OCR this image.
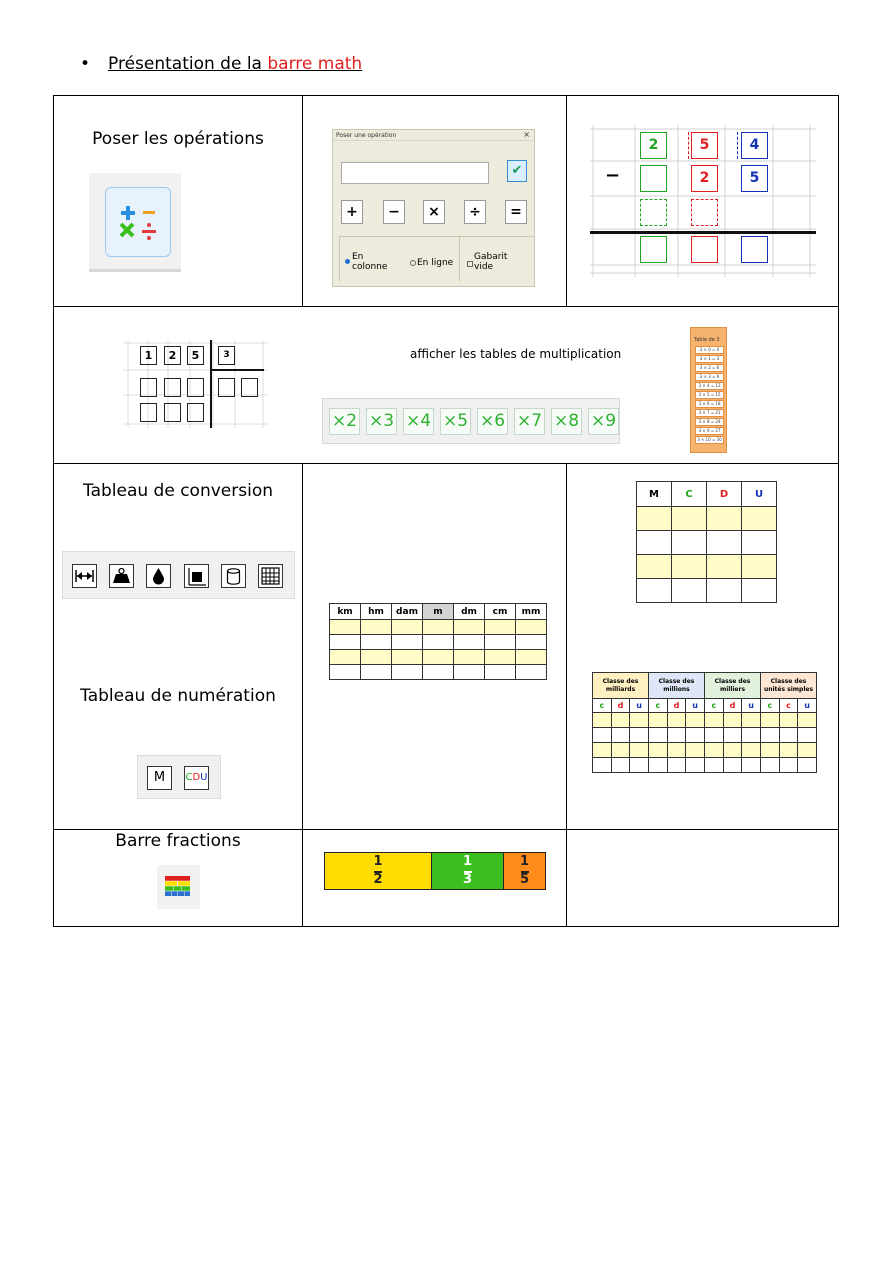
• Présentation de la barre math
Poser les opérations	Poser une opération	×
✔
+	−	×	÷	=
En colonne	En ligne
Gabarit vide
−
2	5	4
2	5
1	2	5	3	afficher les tables de multiplication
×2 ×3 ×4 ×5 ×6 ×7 ×8 ×9
Table de 3
3 × 0 = 0
3 × 1 = 3
3 × 2 = 6
3 × 3 = 9
3 × 4 = 12
3 × 5 = 15
3 × 6 = 18
3 × 7 = 21
3 × 8 = 24
3 × 9 = 27
3 × 10 = 30
Tableau de conversion
Tableau de numération
M	CDU
km	hm	dam	m	dm	cm	mm

M	C	D	U

Classe des milliards			Classe des millions			Classe des milliers			Classe des unités simples		
c	d	u	c	d	u	c	d	u	c	c	u

Barre fractions
1
2
1
3
1
5
